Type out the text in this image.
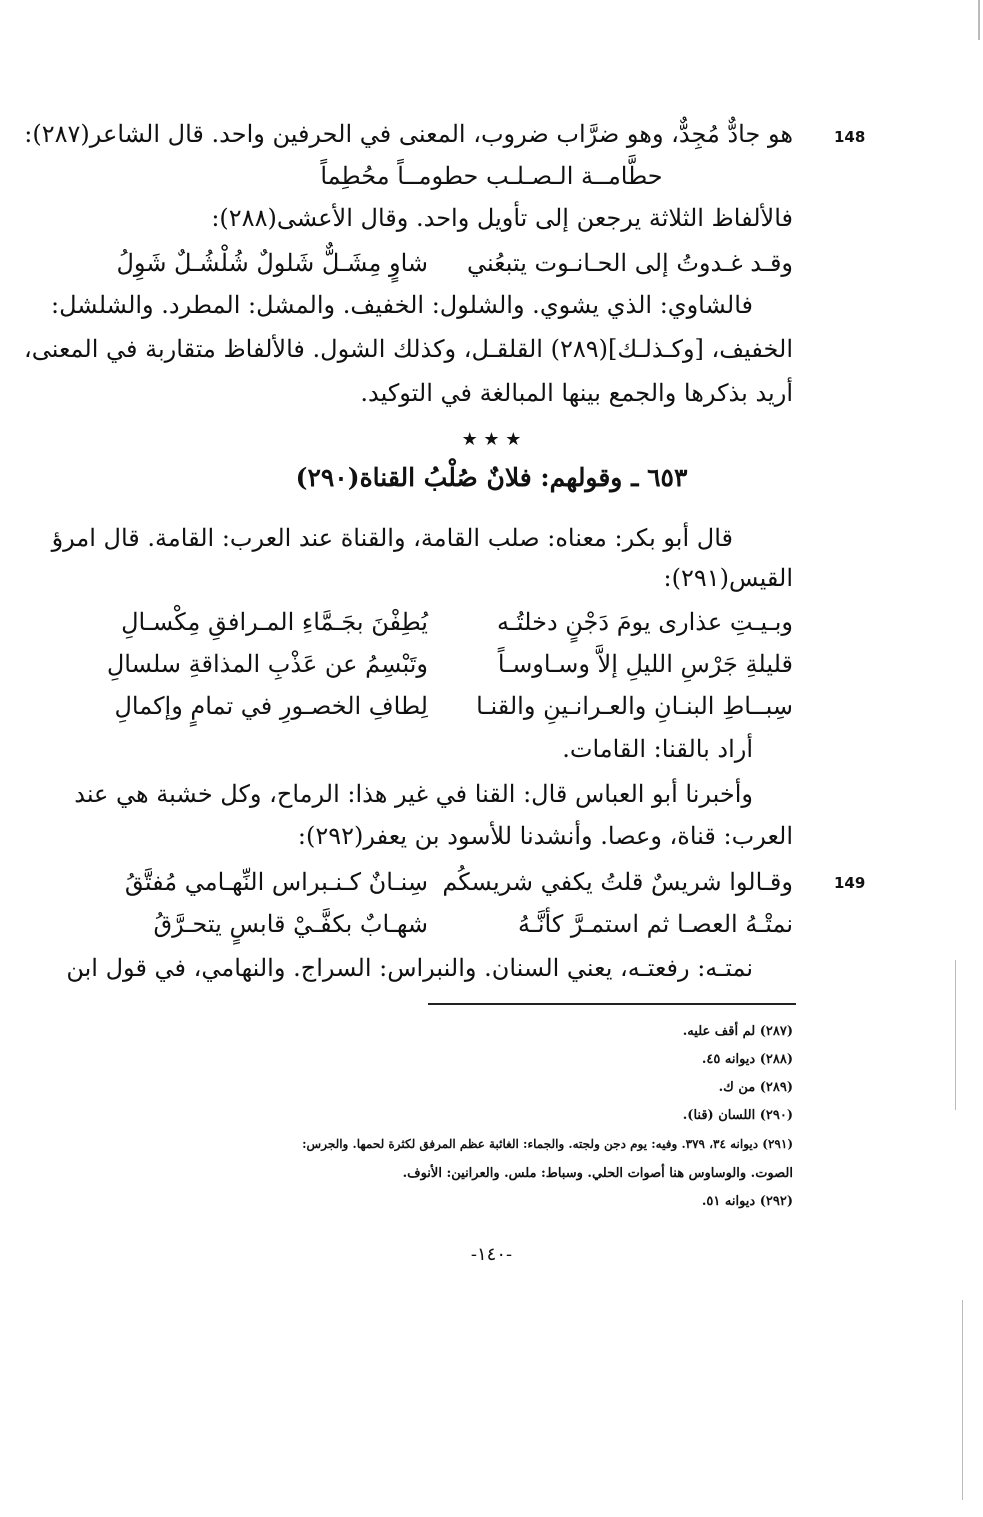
148
149
هو جادٌّ مُجِدٌّ، وهو ضرَّاب ضروب، المعنى في الحرفين واحد. قال الشاعر(٢٨٧):
حطَّامــة الـصـلـب حطومــاً محُطِماً
فالألفاظ الثلاثة يرجعن إلى تأويل واحد. وقال الأعشى(٢٨٨):
وقـد غـدوتُ إلى الحـانـوت يتبعُني
شاوٍ مِشَـلٌّ شَلولٌ شُلْشُـلٌ شَوِلُ
فالشاوي: الذي يشوي. والشلول: الخفيف. والمشل: المطرد. والشلشل:
الخفيف، [وكـذلـك](٢٨٩) القلقـل، وكذلك الشول. فالألفاظ متقاربة في المعنى،
أريد بذكرها والجمع بينها المبالغة في التوكيد.
★ ★ ★
٦٥٣ ـ وقولهم: فلانٌ صُلْبُ القناة(٢٩٠)
قال أبو بكر: معناه: صلب القامة، والقناة عند العرب: القامة. قال امرؤ
القيس(٢٩١):
وبـيـتِ عذارى يومَ دَجْنٍ دخلتُـه
يُطِفْنَ بجَـمَّاءِ المـرافقِ مِكْسـالِ
قليلةِ جَرْسِ الليلِ إلاَّ وسـاوسـاً
وتَبْسِمُ عن عَذْبِ المذاقةِ سلسالِ
سِبــاطِ البنـانِ والعـرانـينِ والقنـا
لِطافِ الخصـورِ في تمامٍ وإكمالِ
أراد بالقنا: القامات.
وأخبرنا أبو العباس قال: القنا في غير هذا: الرماح، وكل خشبة هي عند
العرب: قناة، وعصا. وأنشدنا للأسود بن يعفر(٢٩٢):
وقـالوا شريسٌ قلتُ يكفي شريسكُم
سِنـانٌ كـنـبراس النِّهـامي مُفتَّقُ
نمتْـهُ العصـا ثم استمـرَّ كأنَّـهُ
شهـابٌ بكفَّـيْ قابسٍ يتحـرَّقُ
نمتـه: رفعتـه، يعني السنان. والنبراس: السراج. والنهامي، في قول ابن
(٢٨٧) لم أقف عليه.
(٢٨٨) ديوانه ٤٥.
(٢٨٩) من ك.
(٢٩٠) اللسان (قنا).
(٢٩١) ديوانه ٣٤، ٣٧٩. وفيه: يوم دجن ولجته. والجماء: الغائبة عظم المرفق لكثرة لحمها. والجرس:
الصوت. والوساوس هنا أصوات الحلي. وسباط: ملس. والعرانين: الأنوف.
(٢٩٢) ديوانه ٥١.
-١٤٠-
